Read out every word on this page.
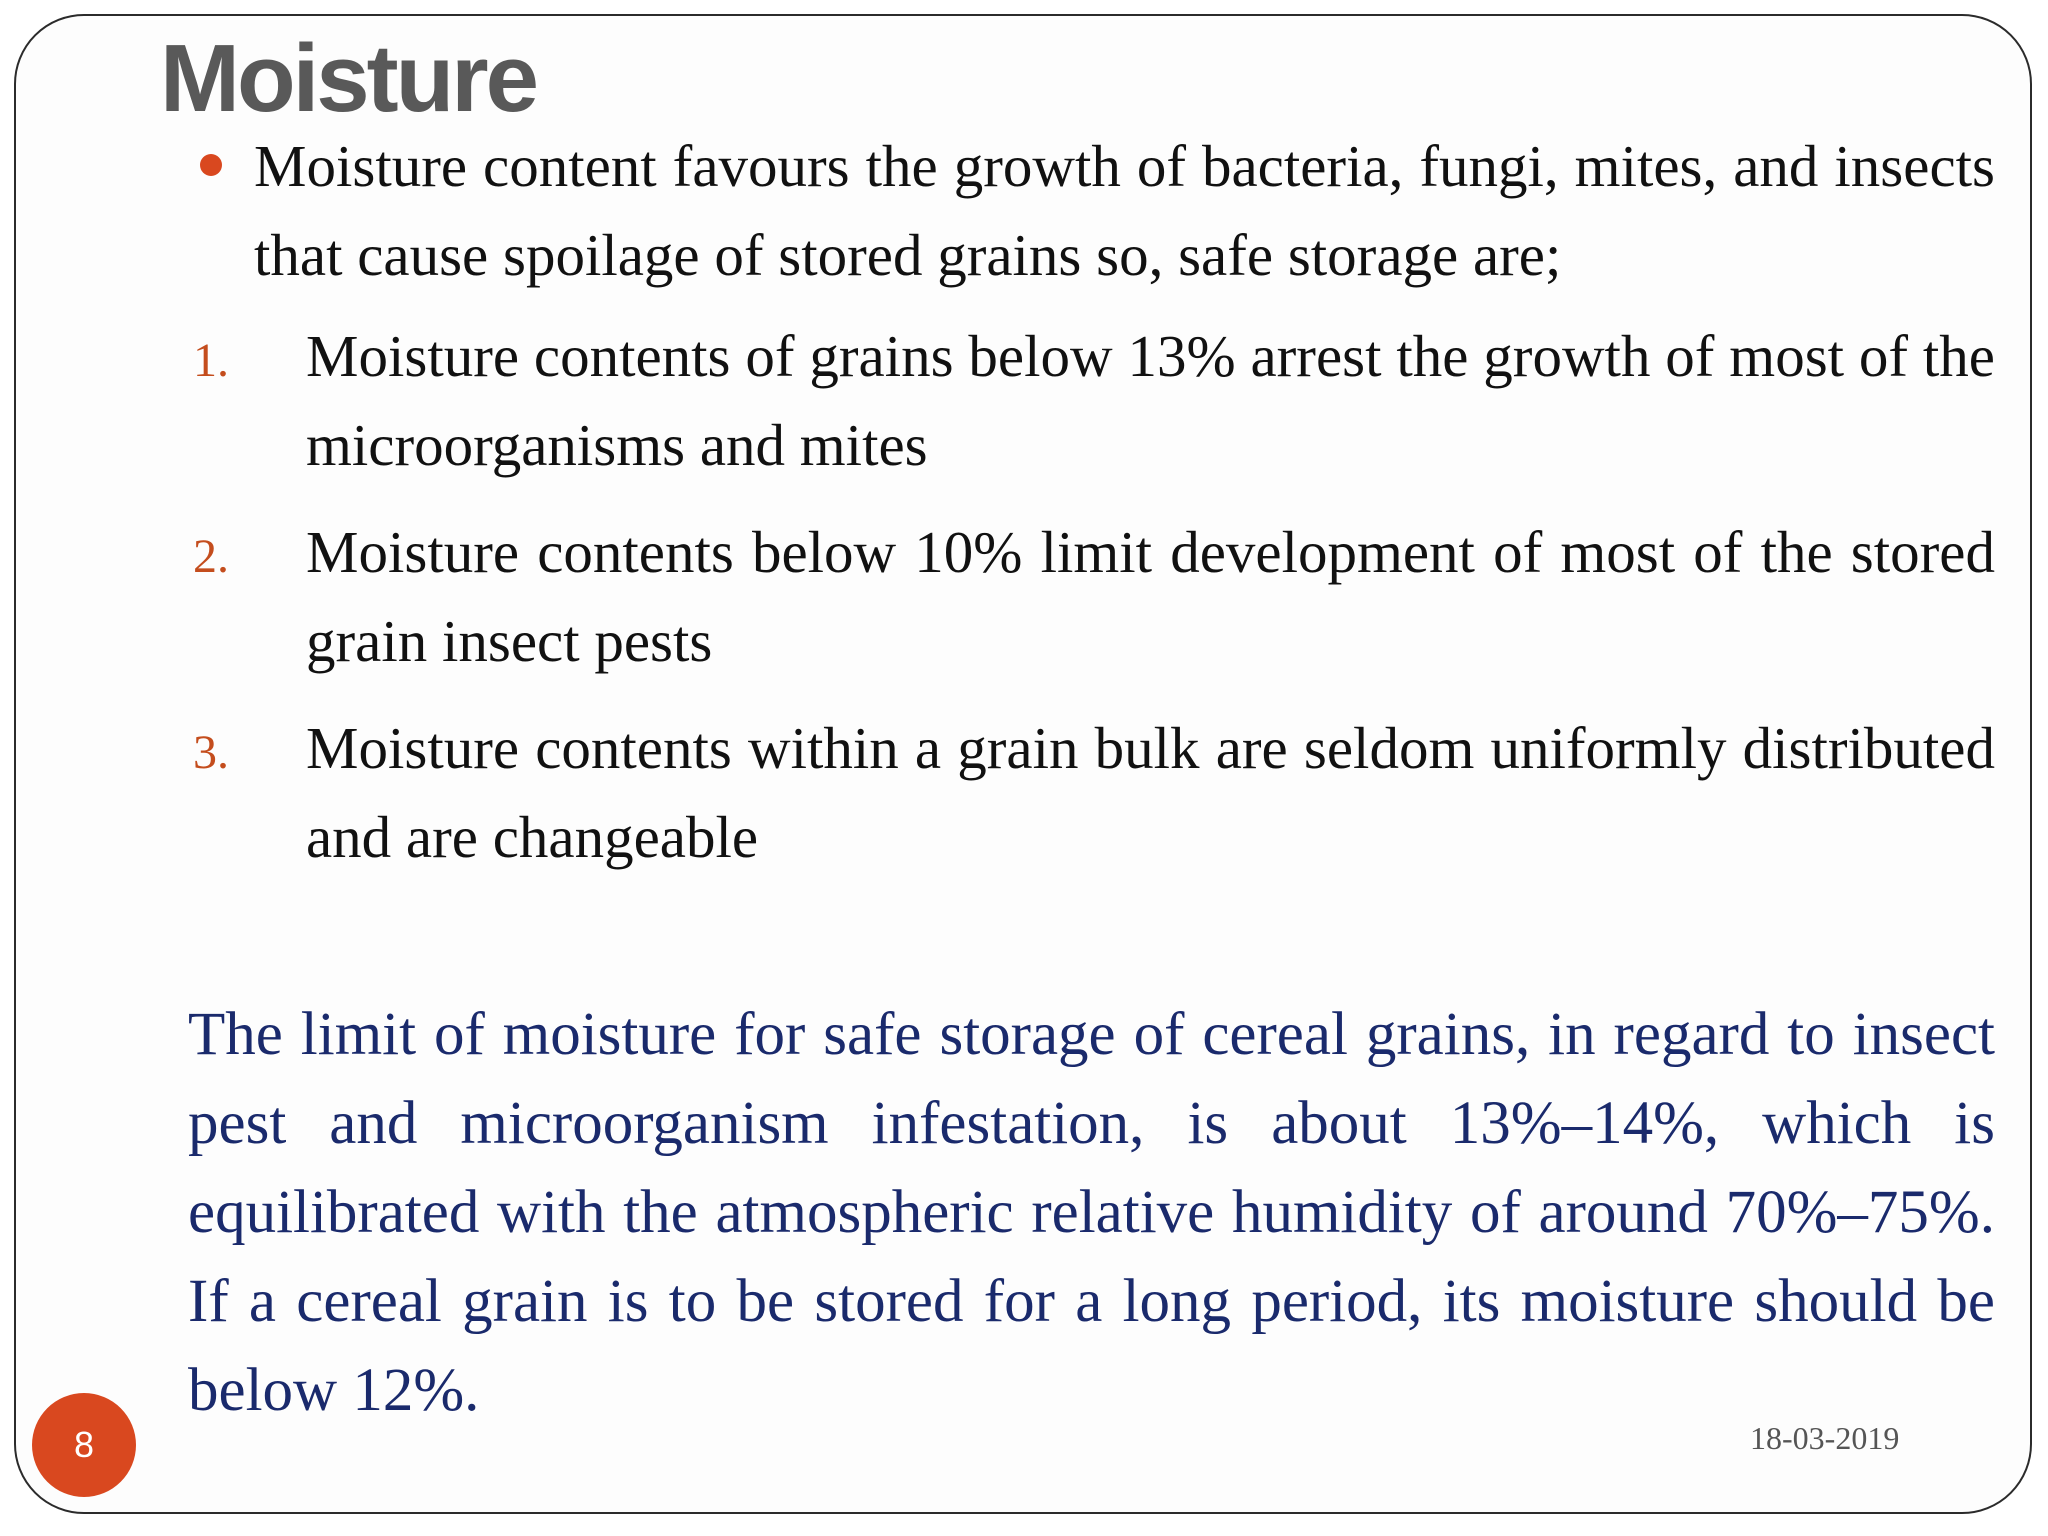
Moisture

Moisture content favours the growth of bacteria, fungi, mites, and insects that cause spoilage of stored grains so, safe storage are;

1. Moisture contents of grains below 13% arrest the growth of most of the microorganisms and mites
2. Moisture contents below 10% limit development of most of the stored grain insect pests
3. Moisture contents within a grain bulk are seldom uniformly distributed and are changeable

The limit of moisture for safe storage of cereal grains, in regard to insect pest and microorganism infestation, is about 13%–14%, which is equilibrated with the atmospheric relative humidity of around 70%–75%. If a cereal grain is to be stored for a long period, its moisture should be below 12%.

8	18-03-2019
